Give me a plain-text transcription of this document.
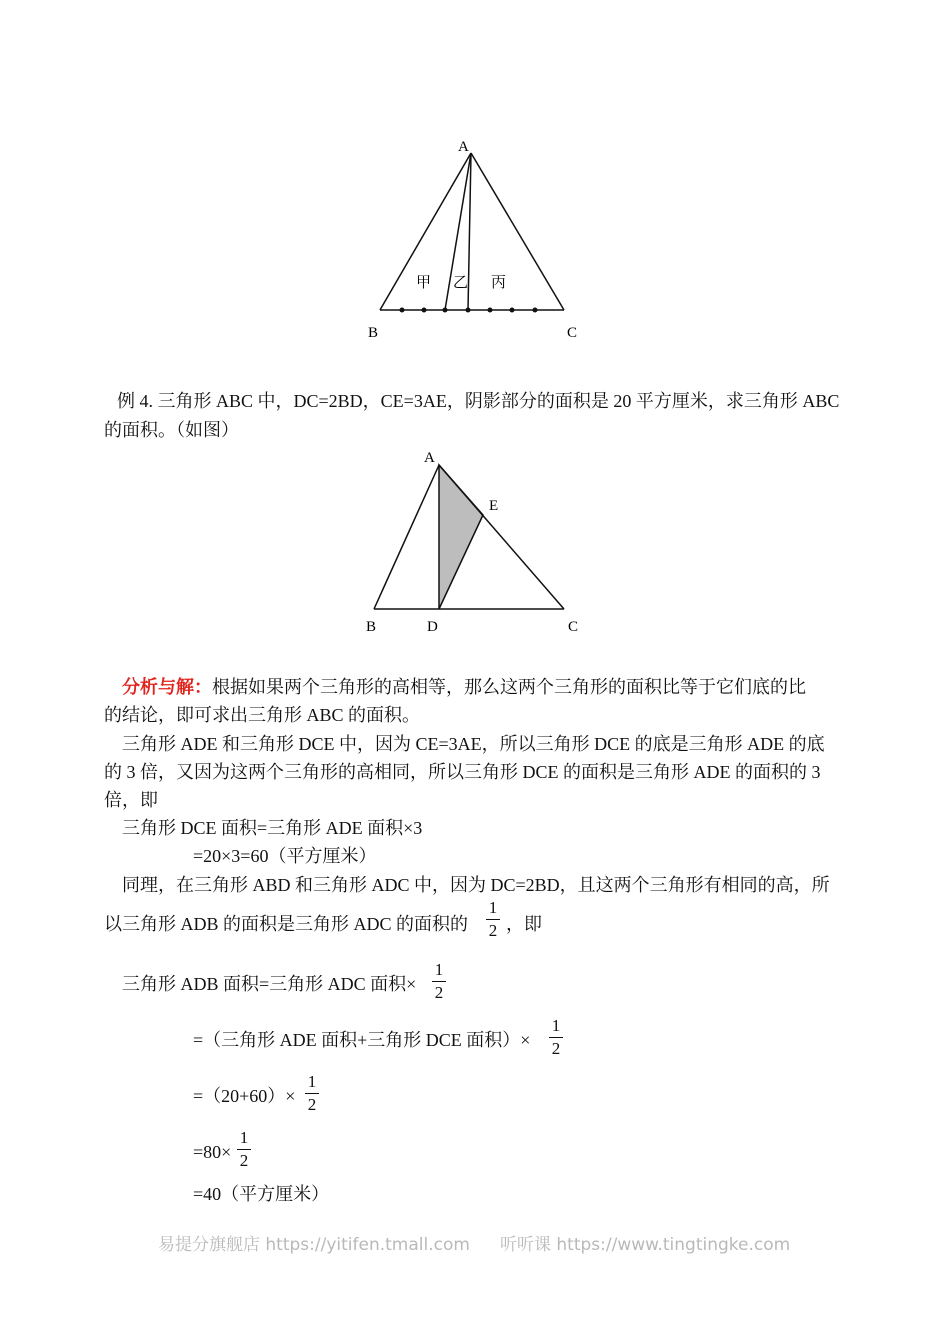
A
B	C
甲 乙 丙
例 4. 三角形 ABC 中，DC=2BD，CE=3AE，阴影部分的面积是 20 平方厘米，求三角形 ABC
的面积。（如图）
A
E
B	D	C
分析与解：根据如果两个三角形的高相等，那么这两个三角形的面积比等于它们底的比
的结论，即可求出三角形 ABC 的面积。
三角形 ADE 和三角形 DCE 中，因为 CE=3AE，所以三角形 DCE 的底是三角形 ADE 的底
的 3 倍，又因为这两个三角形的高相同，所以三角形 DCE 的面积是三角形 ADE 的面积的 3
倍，即
三角形 DCE 面积=三角形 ADE 面积×3
=20×3=60（平方厘米）
同理，在三角形 ABD 和三角形 ADC 中，因为 DC=2BD，且这两个三角形有相同的高，所
以三角形 ADB 的面积是三角形 ADC 的面积的
1
2 ，即
三角形 ADB 面积=三角形 ADC 面积×
1
2
=（三角形 ADE 面积+三角形 DCE 面积）×
1
2
=（20+60）×
1
2
=80×
1
2
=40（平方厘米）
易提分旗舰店 https://yitifen.tmall.com 听听课 https://www.tingtingke.com
